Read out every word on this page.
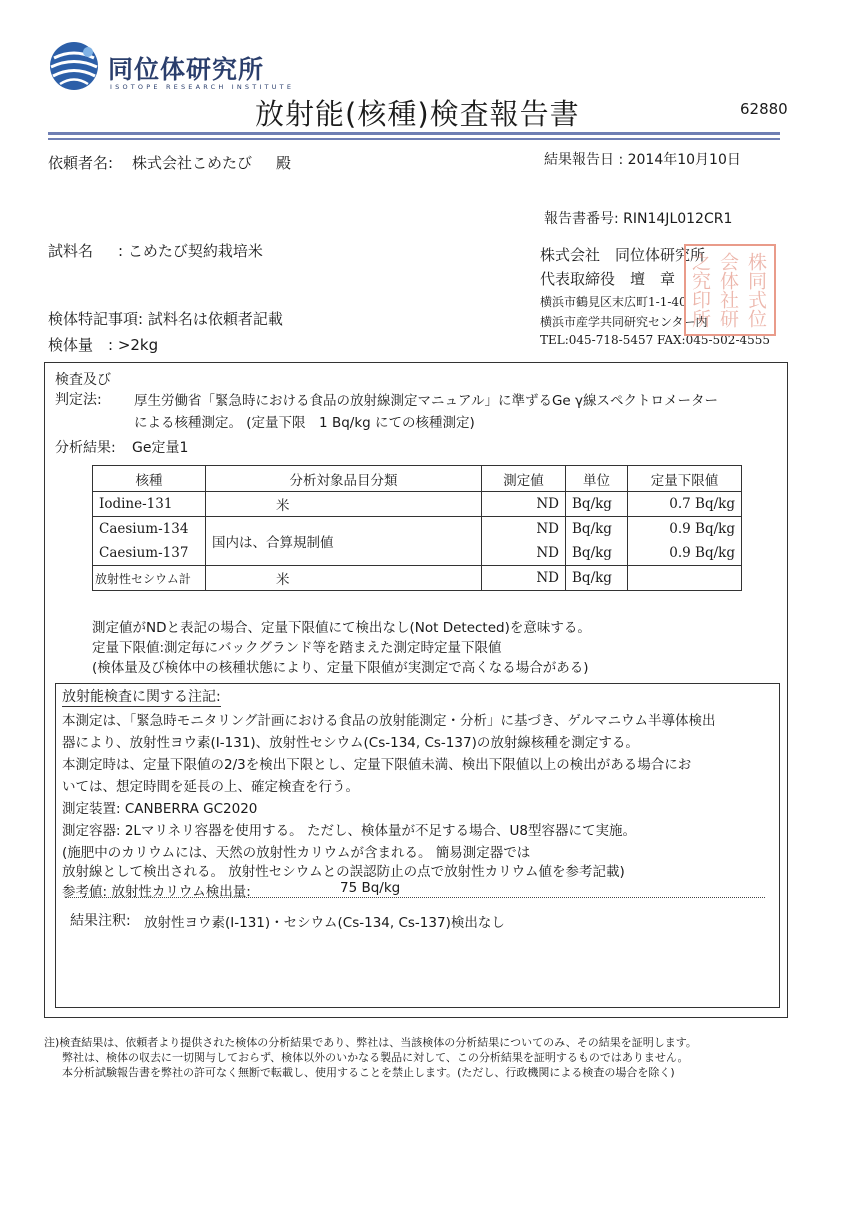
同位体研究所
ISOTOPE RESEARCH INSTITUTE
放射能(核種)検査報告書	62880
依頼者名: 株式会社こめたび 殿	結果報告日 : 2014年10月10日
報告書番号: RIN14JL012CR1
試料名 : こめたび契約栽培米	株式会社　同位体研究所
代表取締役　壇　章
横浜市鶴見区末広町1-1-40
横浜市産学共同研究センター内
TEL:045-718-5457 FAX:045-502-4555
株同式位会体社研之究印所
検体特記事項: 試料名は依頼者記載
検体量　: >2kg
検査及び
判定法: 厚生労働省「緊急時における食品の放射線測定マニュアル」に準ずるGe γ線スペクトロメーター
による核種測定。 (定量下限　1 Bq/kg にての核種測定)
分析結果: Ge定量1
核種	分析対象品目分類	測定値	単位	定量下限値
Iodine-131	米	ND	Bq/kg	0.7 Bq/kg
Caesium-134	国内は、合算規制値	ND	Bq/kg	0.9 Bq/kg
Caesium-137		ND	Bq/kg	0.9 Bq/kg
放射性セシウム計	米	ND	Bq/kg	
測定値がNDと表記の場合、定量下限値にて検出なし(Not Detected)を意味する。
定量下限値:測定毎にバックグランド等を踏まえた測定時定量下限値
(検体量及び検体中の核種状態により、定量下限値が実測定で高くなる場合がある)
放射能検査に関する注記:
本測定は、「緊急時モニタリング計画における食品の放射能測定・分析」に基づき、ゲルマニウム半導体検出
器により、放射性ヨウ素(I-131)、放射性セシウム(Cs-134, Cs-137)の放射線核種を測定する。
本測定時は、定量下限値の2/3を検出下限とし、定量下限値未満、検出下限値以上の検出がある場合にお
いては、想定時間を延長の上、確定検査を行う。
測定装置: CANBERRA GC2020
測定容器: 2Lマリネリ容器を使用する。 ただし、検体量が不足する場合、U8型容器にて実施。
(施肥中のカリウムには、天然の放射性カリウムが含まれる。 簡易測定器では
放射線として検出される。 放射性セシウムとの誤認防止の点で放射性カリウム値を参考記載)
参考値: 放射性カリウム検出量:	75 Bq/kg
結果注釈: 放射性ヨウ素(I-131)・セシウム(Cs-134, Cs-137)検出なし
注)検査結果は、依頼者より提供された検体の分析結果であり、弊社は、当該検体の分析結果についてのみ、その結果を証明します。
弊社は、検体の収去に一切関与しておらず、検体以外のいかなる製品に対して、この分析結果を証明するものではありません。
本分析試験報告書を弊社の許可なく無断で転載し、使用することを禁止します。(ただし、行政機関による検査の場合を除く)
